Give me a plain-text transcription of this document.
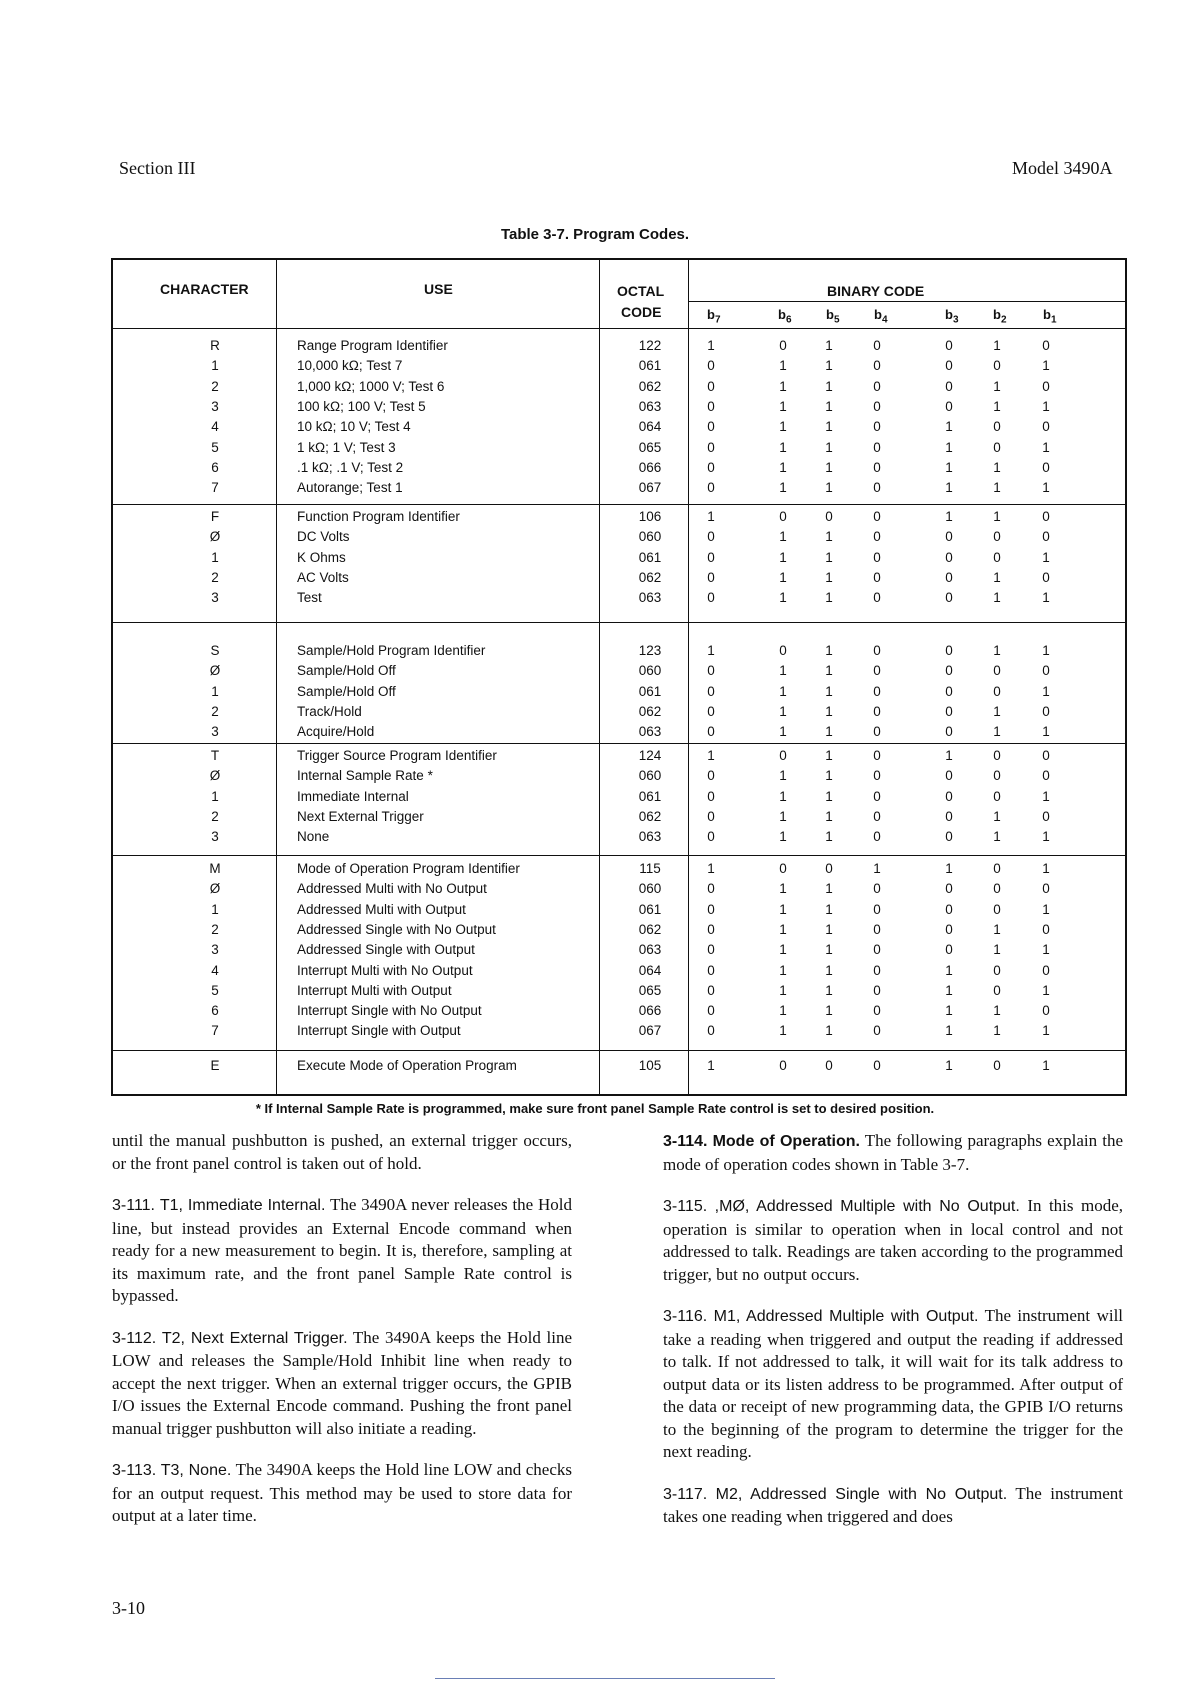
Section III	Model 3490A
Table 3-7. Program Codes.
CHARACTER	USE	OCTAL
CODE
BINARY CODE
$b_7$	$b_6$	$b_5$	$b_4$	$b_3$	$b_2$	$b_1$
R	Range Program Identifier	122	1	0	1	0	0	1	0
1	10,000 kΩ; Test 7	061	0	1	1	0	0	0	1
2	1,000 kΩ; 1000 V; Test 6	062	0	1	1	0	0	1	0
3	100 kΩ; 100 V; Test 5	063	0	1	1	0	0	1	1
4	10 kΩ; 10 V; Test 4	064	0	1	1	0	1	0	0
5	1 kΩ; 1 V; Test 3	065	0	1	1	0	1	0	1
6	.1 kΩ; .1 V; Test 2	066	0	1	1	0	1	1	0
7	Autorange; Test 1	067	0	1	1	0	1	1	1
F	Function Program Identifier	106	1	0	0	0	1	1	0
Ø	DC Volts	060	0	1	1	0	0	0	0
1	K Ohms	061	0	1	1	0	0	0	1
2	AC Volts	062	0	1	1	0	0	1	0
3	Test	063	0	1	1	0	0	1	1
S	Sample/Hold Program Identifier	123	1	0	1	0	0	1	1
Ø	Sample/Hold Off	060	0	1	1	0	0	0	0
1	Sample/Hold Off	061	0	1	1	0	0	0	1
2	Track/Hold	062	0	1	1	0	0	1	0
3	Acquire/Hold	063	0	1	1	0	0	1	1
T	Trigger Source Program Identifier	124	1	0	1	0	1	0	0
Ø	Internal Sample Rate *	060	0	1	1	0	0	0	0
1	Immediate Internal	061	0	1	1	0	0	0	1
2	Next External Trigger	062	0	1	1	0	0	1	0
3	None	063	0	1	1	0	0	1	1
M	Mode of Operation Program Identifier	115	1	0	0	1	1	0	1
Ø	Addressed Multi with No Output	060	0	1	1	0	0	0	0
1	Addressed Multi with Output	061	0	1	1	0	0	0	1
2	Addressed Single with No Output	062	0	1	1	0	0	1	0
3	Addressed Single with Output	063	0	1	1	0	0	1	1
4	Interrupt Multi with No Output	064	0	1	1	0	1	0	0
5	Interrupt Multi with Output	065	0	1	1	0	1	0	1
6	Interrupt Single with No Output	066	0	1	1	0	1	1	0
7	Interrupt Single with Output	067	0	1	1	0	1	1	1
E	Execute Mode of Operation Program	105	1	0	0	0	1	0	1
* If Internal Sample Rate is programmed, make sure front panel Sample Rate control is set to desired position.

until the manual pushbutton is pushed, an external trigger occurs, or the front panel control is taken out of hold.

3-111. T1, Immediate Internal. The 3490A never releases the Hold line, but instead provides an External Encode command when ready for a new measurement to begin. It is, therefore, sampling at its maximum rate, and the front panel Sample Rate control is bypassed.

3-112. T2, Next External Trigger. The 3490A keeps the Hold line LOW and releases the Sample/Hold Inhibit line when ready to accept the next trigger. When an external trigger occurs, the GPIB I/O issues the External Encode command. Pushing the front panel manual trigger pushbutton will also initiate a reading.

3-113. T3, None. The 3490A keeps the Hold line LOW and checks for an output request. This method may be used to store data for output at a later time.

3-114. Mode of Operation. The following paragraphs explain the mode of operation codes shown in Table 3-7.

3-115. ,MØ, Addressed Multiple with No Output. In this mode, operation is similar to operation when in local control and not addressed to talk. Readings are taken according to the programmed trigger, but no output occurs.

3-116. M1, Addressed Multiple with Output. The instrument will take a reading when triggered and output the reading if addressed to talk. If not addressed to talk, it will wait for its talk address to output data or its listen address to be programmed. After output of the data or receipt of new programming data, the GPIB I/O returns to the beginning of the program to determine the trigger for the next reading.

3-117. M2, Addressed Single with No Output. The instrument takes one reading when triggered and does

3-10
